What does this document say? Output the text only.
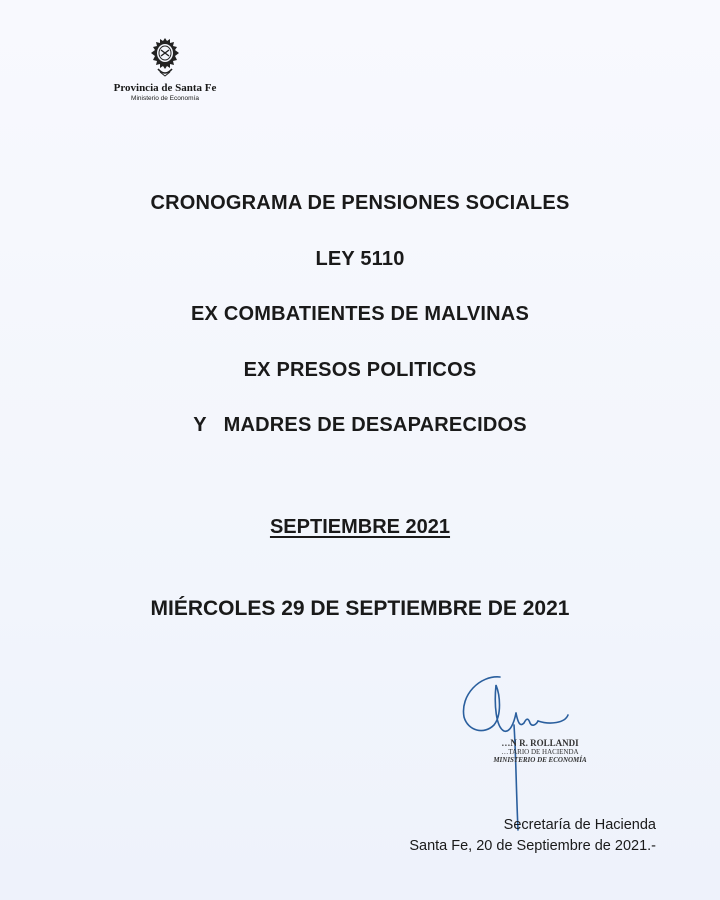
Provincia de Santa Fe
Ministerio de Economía
CRONOGRAMA DE PENSIONES SOCIALES
LEY 5110
EX COMBATIENTES DE MALVINAS
EX PRESOS POLITICOS
Y   MADRES DE DESAPARECIDOS
SEPTIEMBRE 2021
MIÉRCOLES 29 DE SEPTIEMBRE DE 2021
…N R. ROLLANDI
…TARIO DE HACIENDA
MINISTERIO DE ECONOMÍA
Secretaría de Hacienda
Santa Fe, 20 de Septiembre de 2021.-
